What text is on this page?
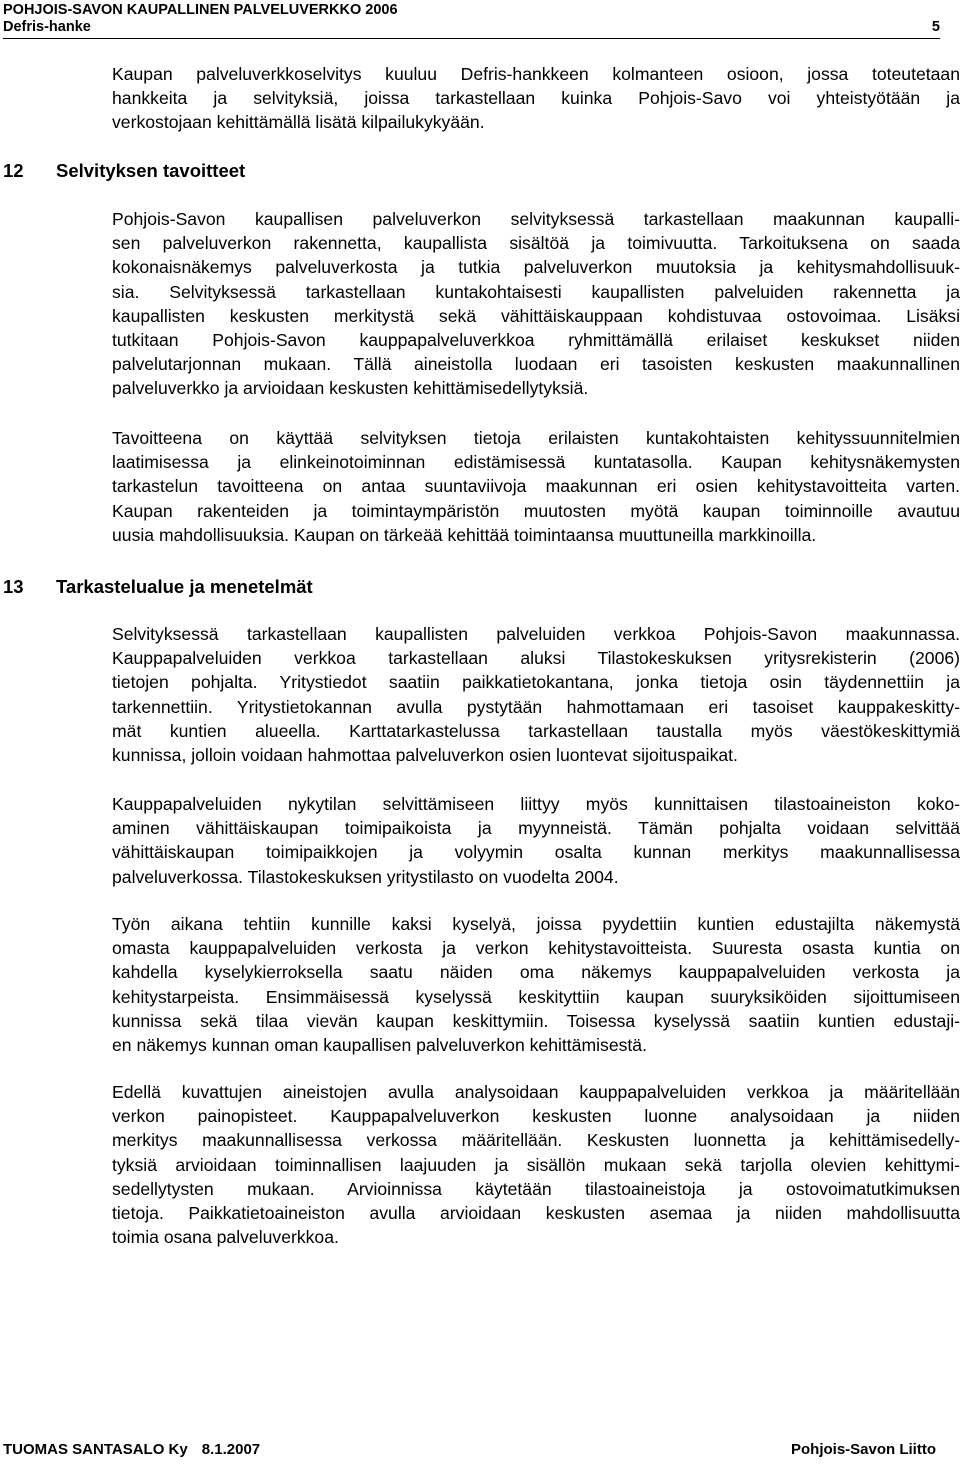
POHJOIS-SAVON KAUPALLINEN PALVELUVERKKO 2006
Defris-hanke	5
Kaupan palveluverkkoselvitys kuuluu Defris-hankkeen kolmanteen osioon, jossa toteutetaan
hankkeita ja selvityksiä, joissa tarkastellaan kuinka Pohjois-Savo voi yhteistyötään ja
verkostojaan kehittämällä lisätä kilpailukykyään.
12	Selvityksen tavoitteet
Pohjois-Savon kaupallisen palveluverkon selvityksessä tarkastellaan maakunnan kaupalli-
sen palveluverkon rakennetta, kaupallista sisältöä ja toimivuutta. Tarkoituksena on saada
kokonaisnäkemys palveluverkosta ja tutkia palveluverkon muutoksia ja kehitysmahdollisuuk-
sia. Selvityksessä tarkastellaan kuntakohtaisesti kaupallisten palveluiden rakennetta ja
kaupallisten keskusten merkitystä sekä vähittäiskauppaan kohdistuvaa ostovoimaa. Lisäksi
tutkitaan Pohjois-Savon kauppapalveluverkkoa ryhmittämällä erilaiset keskukset niiden
palvelutarjonnan mukaan. Tällä aineistolla luodaan eri tasoisten keskusten maakunnallinen
palveluverkko ja arvioidaan keskusten kehittämisedellytyksiä.
Tavoitteena on käyttää selvityksen tietoja erilaisten kuntakohtaisten kehityssuunnitelmien
laatimisessa ja elinkeinotoiminnan edistämisessä kuntatasolla. Kaupan kehitysnäkemysten
tarkastelun tavoitteena on antaa suuntaviivoja maakunnan eri osien kehitystavoitteita varten.
Kaupan rakenteiden ja toimintaympäristön muutosten myötä kaupan toiminnoille avautuu
uusia mahdollisuuksia. Kaupan on tärkeää kehittää toimintaansa muuttuneilla markkinoilla.
13	Tarkastelualue ja menetelmät
Selvityksessä tarkastellaan kaupallisten palveluiden verkkoa Pohjois-Savon maakunnassa.
Kauppapalveluiden verkkoa tarkastellaan aluksi Tilastokeskuksen yritysrekisterin (2006)
tietojen pohjalta. Yritystiedot saatiin paikkatietokantana, jonka tietoja osin täydennettiin ja
tarkennettiin. Yritystietokannan avulla pystytään hahmottamaan eri tasoiset kauppakeskitty-
mät kuntien alueella. Karttatarkastelussa tarkastellaan taustalla myös väestökeskittymiä
kunnissa, jolloin voidaan hahmottaa palveluverkon osien luontevat sijoituspaikat.
Kauppapalveluiden nykytilan selvittämiseen liittyy myös kunnittaisen tilastoaineiston koko-
aminen vähittäiskaupan toimipaikoista ja myynneistä. Tämän pohjalta voidaan selvittää
vähittäiskaupan toimipaikkojen ja volyymin osalta kunnan merkitys maakunnallisessa
palveluverkossa. Tilastokeskuksen yritystilasto on vuodelta 2004.
Työn aikana tehtiin kunnille kaksi kyselyä, joissa pyydettiin kuntien edustajilta näkemystä
omasta kauppapalveluiden verkosta ja verkon kehitystavoitteista. Suuresta osasta kuntia on
kahdella kyselykierroksella saatu näiden oma näkemys kauppapalveluiden verkosta ja
kehitystarpeista. Ensimmäisessä kyselyssä keskityttiin kaupan suuryksiköiden sijoittumiseen
kunnissa sekä tilaa vievän kaupan keskittymiin. Toisessa kyselyssä saatiin kuntien edustaji-
en näkemys kunnan oman kaupallisen palveluverkon kehittämisestä.
Edellä kuvattujen aineistojen avulla analysoidaan kauppapalveluiden verkkoa ja määritellään
verkon painopisteet. Kauppapalveluverkon keskusten luonne analysoidaan ja niiden
merkitys maakunnallisessa verkossa määritellään. Keskusten luonnetta ja kehittämisedelly-
tyksiä arvioidaan toiminnallisen laajuuden ja sisällön mukaan sekä tarjolla olevien kehittymi-
sedellytysten mukaan. Arvioinnissa käytetään tilastoaineistoja ja ostovoimatutkimuksen
tietoja. Paikkatietoaineiston avulla arvioidaan keskusten asemaa ja niiden mahdollisuutta
toimia osana palveluverkkoa.
TUOMAS SANTASALO Ky 8.1.2007	Pohjois-Savon Liitto
